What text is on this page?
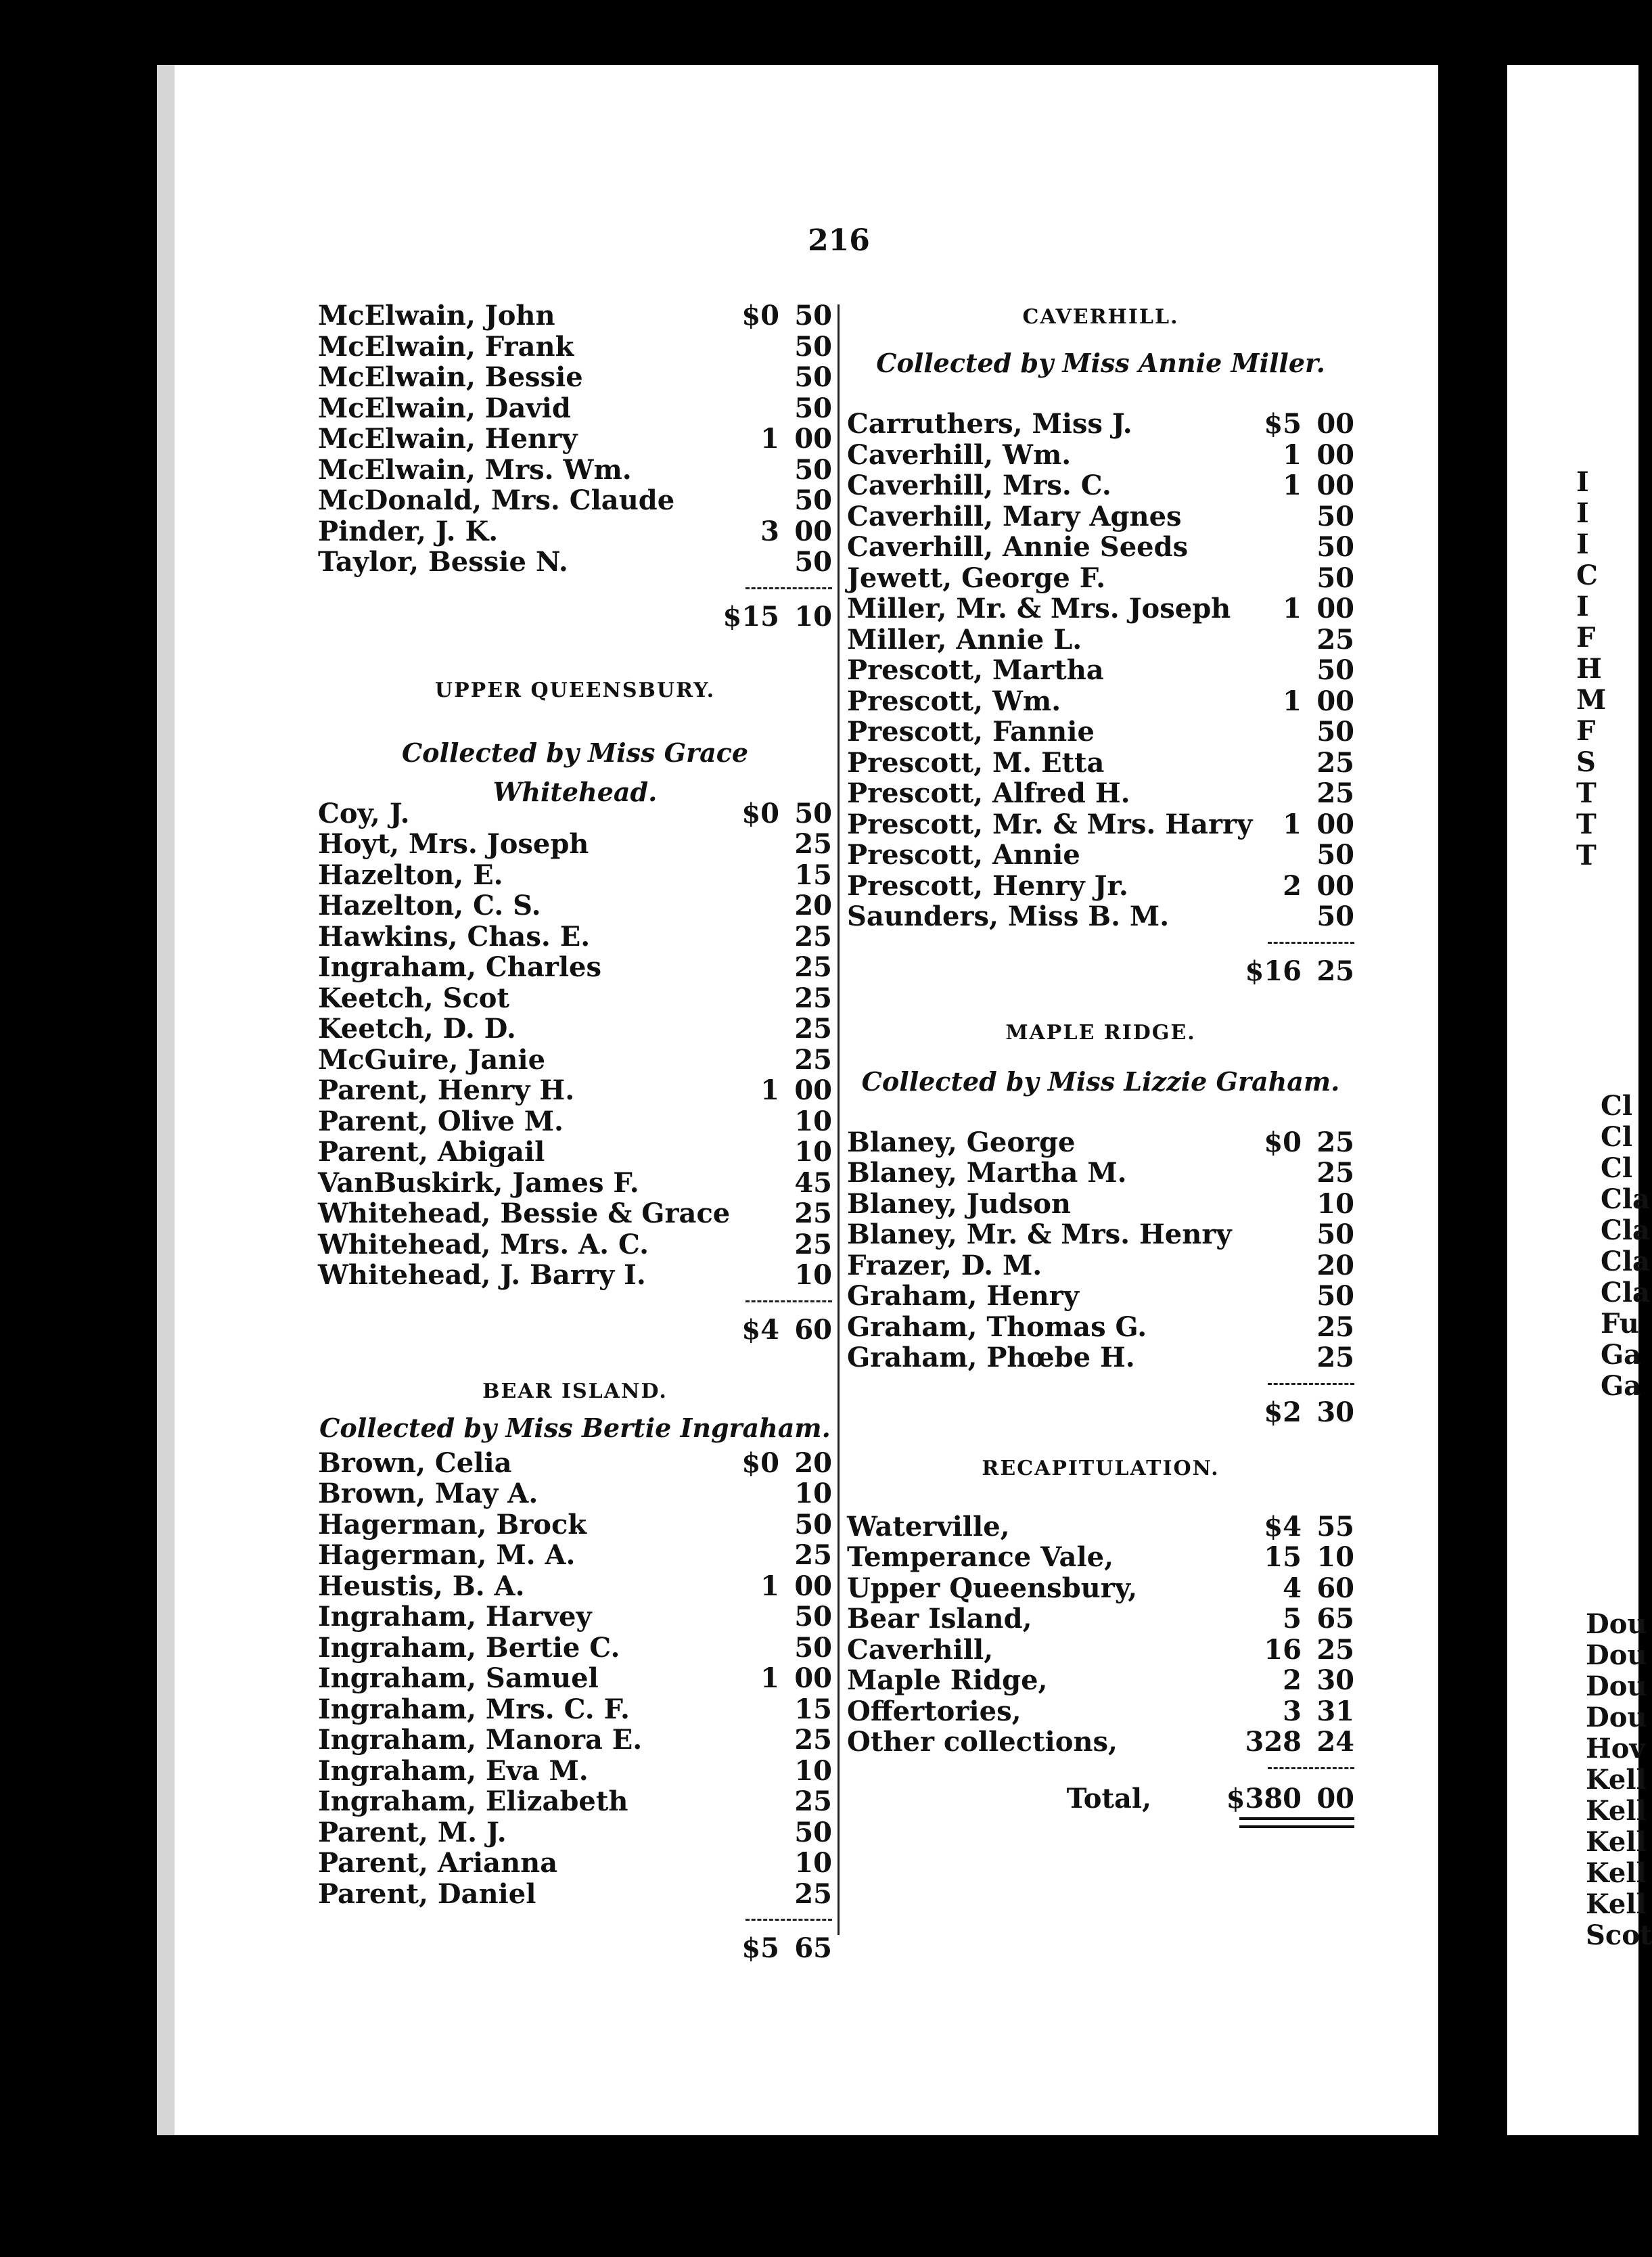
216
McElwain, John	$0 50
McElwain, Frank	50
McElwain, Bessie	50
McElwain, David	50
McElwain, Henry	1 00
McElwain, Mrs. Wm.	50
McDonald, Mrs. Claude	50
Pinder, J. K.	3 00
Taylor, Bessie N.	50
$15 10
UPPER QUEENSBURY.
Collected by Miss Grace Whitehead.
Coy, J.	$0 50
Hoyt, Mrs. Joseph	25
Hazelton, E.	15
Hazelton, C. S.	20
Hawkins, Chas. E.	25
Ingraham, Charles	25
Keetch, Scot	25
Keetch, D. D.	25
McGuire, Janie	25
Parent, Henry H.	1 00
Parent, Olive M.	10
Parent, Abigail	10
VanBuskirk, James F.	45
Whitehead, Bessie & Grace 25
Whitehead, Mrs. A. C.	25
Whitehead, J. Barry I.	10
$4 60
BEAR ISLAND.
Collected by Miss Bertie Ingraham.
Brown, Celia	$0 20
Brown, May A.	10
Hagerman, Brock	50
Hagerman, M. A.	25
Heustis, B. A.	1 00
Ingraham, Harvey	50
Ingraham, Bertie C.	50
Ingraham, Samuel	1 00
Ingraham, Mrs. C. F.	15
Ingraham, Manora E.	25
Ingraham, Eva M.	10
Ingraham, Elizabeth	25
Parent, M. J.	50
Parent, Arianna	10
Parent, Daniel	25
$5 65
CAVERHILL.
Collected by Miss Annie Miller.
Carruthers, Miss J.	$5 00
Caverhill, Wm.	1 00
Caverhill, Mrs. C.	1 00
Caverhill, Mary Agnes	50
Caverhill, Annie Seeds	50
Jewett, George F.	50
Miller, Mr. & Mrs. Joseph 1 00
Miller, Annie L.	25
Prescott, Martha	50
Prescott, Wm.	1 00
Prescott, Fannie	50
Prescott, M. Etta	25
Prescott, Alfred H.	25
Prescott, Mr. & Mrs. Harry 1 00
Prescott, Annie	50
Prescott, Henry Jr.	2 00
Saunders, Miss B. M.	50
$16 25
MAPLE RIDGE.
Collected by Miss Lizzie Graham.
Blaney, George	$0 25
Blaney, Martha M.	25
Blaney, Judson	10
Blaney, Mr. & Mrs. Henry	50
Frazer, D. M.	20
Graham, Henry	50
Graham, Thomas G.	25
Graham, Phœbe H.	25
$2 30
RECAPITULATION.
Waterville,	$4 55
Temperance Vale,	15 10
Upper Queensbury,	4 60
Bear Island,	5 65
Caverhill,	16 25
Maple Ridge,	2 30
Offertories,	3 31
Other collections,	328 24
Total,	$380 00
I
I
I
C
I
F
H
M
F
S
T
T
T
Cl
Cl
Cl
Cla
Cla
Cla
Cla
Fu
Ga
Ga
Dou
Dou
Dou
Dou
Hov
Kell
Kell
Kell
Kell
Kell
Scot
